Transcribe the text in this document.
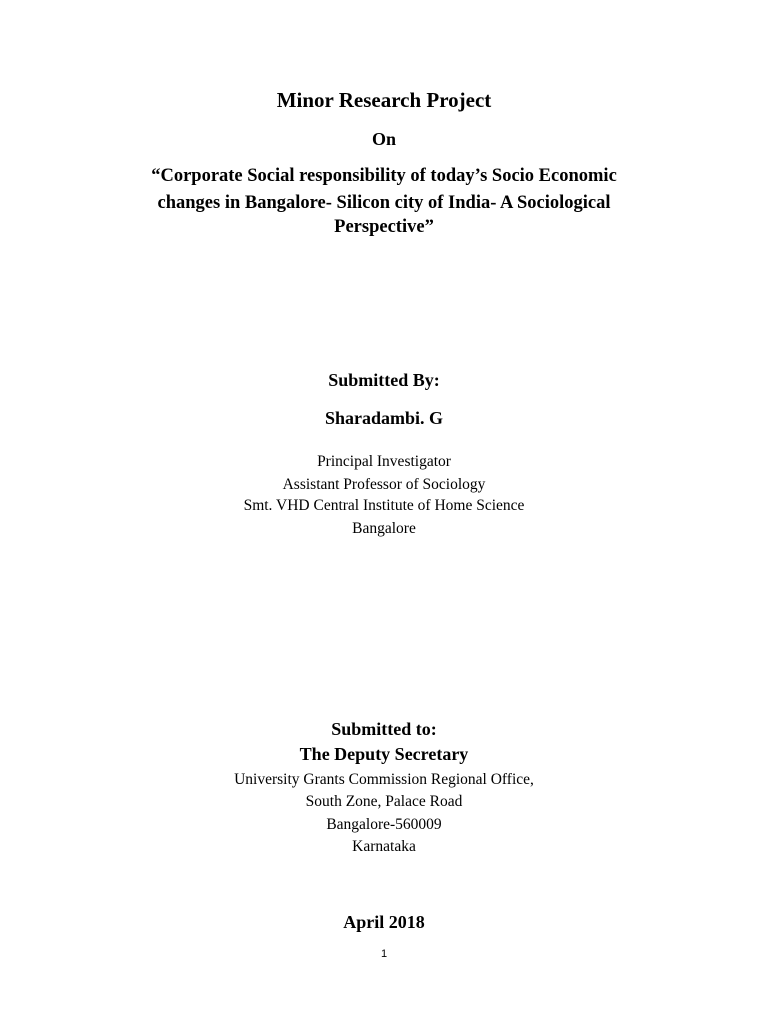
Minor Research Project
On
“Corporate Social responsibility of today’s Socio Economic
changes in Bangalore- Silicon city of India- A Sociological
Perspective”
Submitted By:
Sharadambi. G
Principal Investigator
Assistant Professor of Sociology
Smt. VHD Central Institute of Home Science
Bangalore
Submitted to:
The Deputy Secretary
University Grants Commission Regional Office,
South Zone, Palace Road
Bangalore-560009
Karnataka
April 2018
1
